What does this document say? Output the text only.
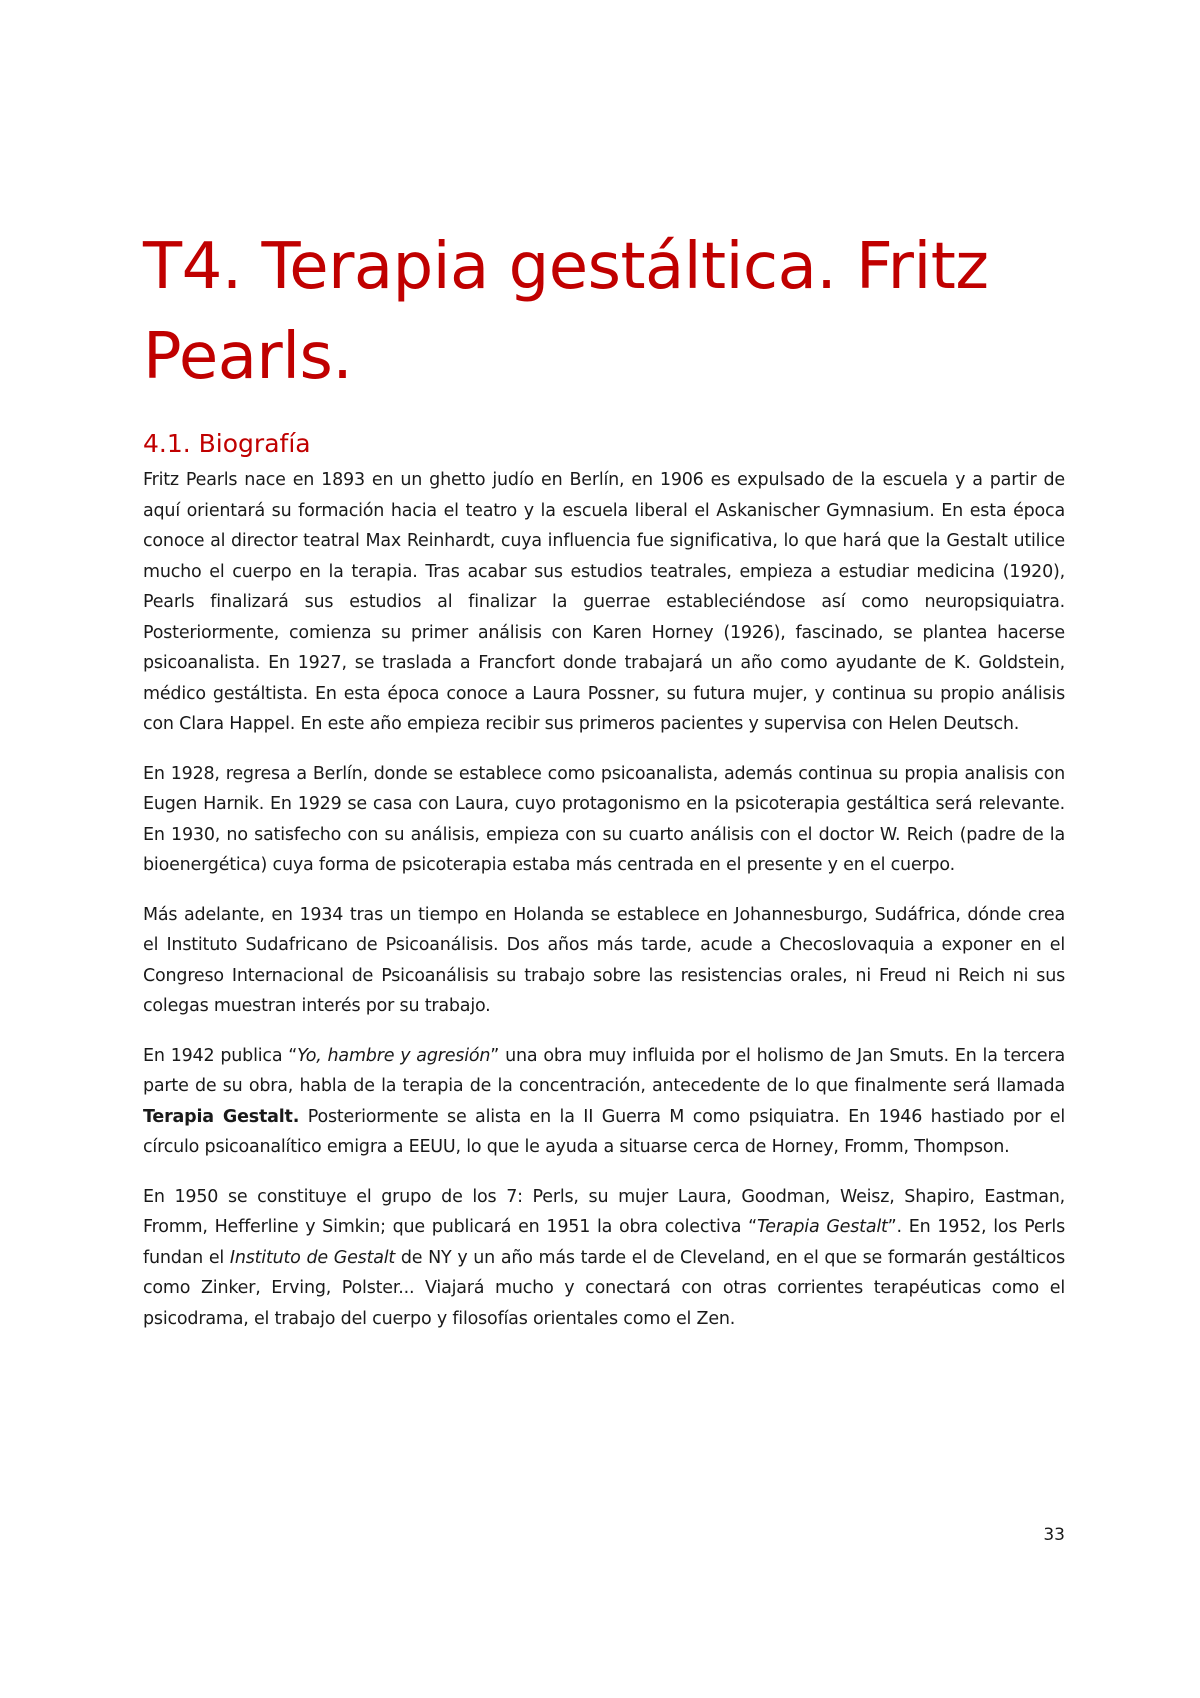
T4. Terapia gestáltica. Fritz Pearls.
4.1. Biografía

Fritz Pearls nace en 1893 en un ghetto judío en Berlín, en 1906 es expulsado de la escuela y a partir de aquí orientará su formación hacia el teatro y la escuela liberal el Askanischer Gymnasium. En esta época conoce al director teatral Max Reinhardt, cuya influencia fue significativa, lo que hará que la Gestalt utilice mucho el cuerpo en la terapia. Tras acabar sus estudios teatrales, empieza a estudiar medicina (1920), Pearls finalizará sus estudios al finalizar la guerrae estableciéndose así como neuropsiquiatra. Posteriormente, comienza su primer análisis con Karen Horney (1926), fascinado, se plantea hacerse psicoanalista. En 1927, se traslada a Francfort donde trabajará un año como ayudante de K. Goldstein, médico gestáltista. En esta época conoce a Laura Possner, su futura mujer, y continua su propio análisis con Clara Happel. En este año empieza recibir sus primeros pacientes y supervisa con Helen Deutsch.

En 1928, regresa a Berlín, donde se establece como psicoanalista, además continua su propia analisis con Eugen Harnik. En 1929 se casa con Laura, cuyo protagonismo en la psicoterapia gestáltica será relevante. En 1930, no satisfecho con su análisis, empieza con su cuarto análisis con el doctor W. Reich (padre de la bioenergética) cuya forma de psicoterapia estaba más centrada en el presente y en el cuerpo.

Más adelante, en 1934 tras un tiempo en Holanda se establece en Johannesburgo, Sudáfrica, dónde crea el Instituto Sudafricano de Psicoanálisis. Dos años más tarde, acude a Checoslovaquia a exponer en el Congreso Internacional de Psicoanálisis su trabajo sobre las resistencias orales, ni Freud ni Reich ni sus colegas muestran interés por su trabajo.

En 1942 publica “Yo, hambre y agresión” una obra muy influida por el holismo de Jan Smuts. En la tercera parte de su obra, habla de la terapia de la concentración, antecedente de lo que finalmente será llamada Terapia Gestalt. Posteriormente se alista en la II Guerra M como psiquiatra. En 1946 hastiado por el círculo psicoanalítico emigra a EEUU, lo que le ayuda a situarse cerca de Horney, Fromm, Thompson.

En 1950 se constituye el grupo de los 7: Perls, su mujer Laura, Goodman, Weisz, Shapiro, Eastman, Fromm, Hefferline y Simkin; que publicará en 1951 la obra colectiva “Terapia Gestalt”. En 1952, los Perls fundan el Instituto de Gestalt de NY y un año más tarde el de Cleveland, en el que se formarán gestálticos como Zinker, Erving, Polster... Viajará mucho y conectará con otras corrientes terapéuticas como el psicodrama, el trabajo del cuerpo y filosofías orientales como el Zen.

33
